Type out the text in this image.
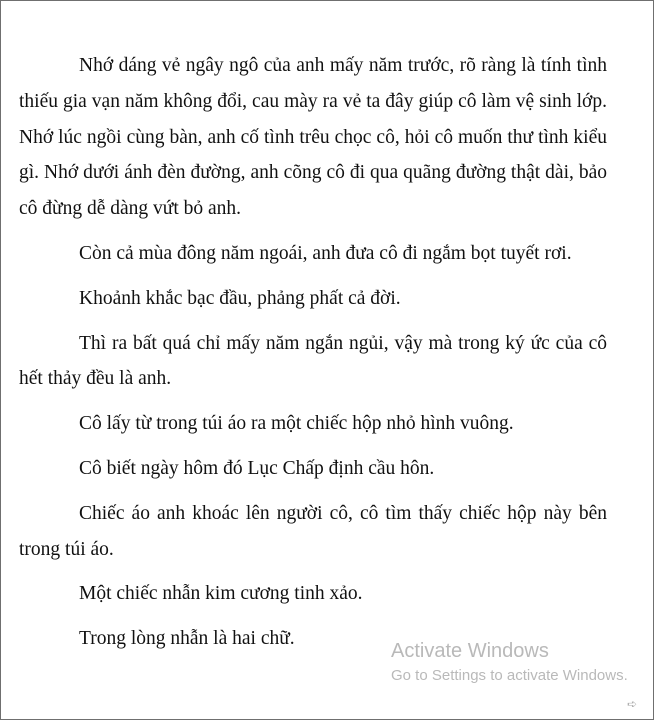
Nhớ dáng vẻ ngây ngô của anh mấy năm trước, rõ ràng là tính tình thiếu gia vạn năm không đổi, cau mày ra vẻ ta đây giúp cô làm vệ sinh lớp. Nhớ lúc ngồi cùng bàn, anh cố tình trêu chọc cô, hỏi cô muốn thư tình kiểu gì. Nhớ dưới ánh đèn đường, anh cõng cô đi qua quãng đường thật dài, bảo cô đừng dễ dàng vứt bỏ anh.

Còn cả mùa đông năm ngoái, anh đưa cô đi ngắm bọt tuyết rơi.

Khoảnh khắc bạc đầu, phảng phất cả đời.

Thì ra bất quá chỉ mấy năm ngắn ngủi, vậy mà trong ký ức của cô hết thảy đều là anh.

Cô lấy từ trong túi áo ra một chiếc hộp nhỏ hình vuông.

Cô biết ngày hôm đó Lục Chấp định cầu hôn.

Chiếc áo anh khoác lên người cô, cô tìm thấy chiếc hộp này bên trong túi áo.

Một chiếc nhẫn kim cương tinh xảo.

Trong lòng nhẫn là hai chữ.

Activate Windows
Go to Settings to activate Windows.
➪
